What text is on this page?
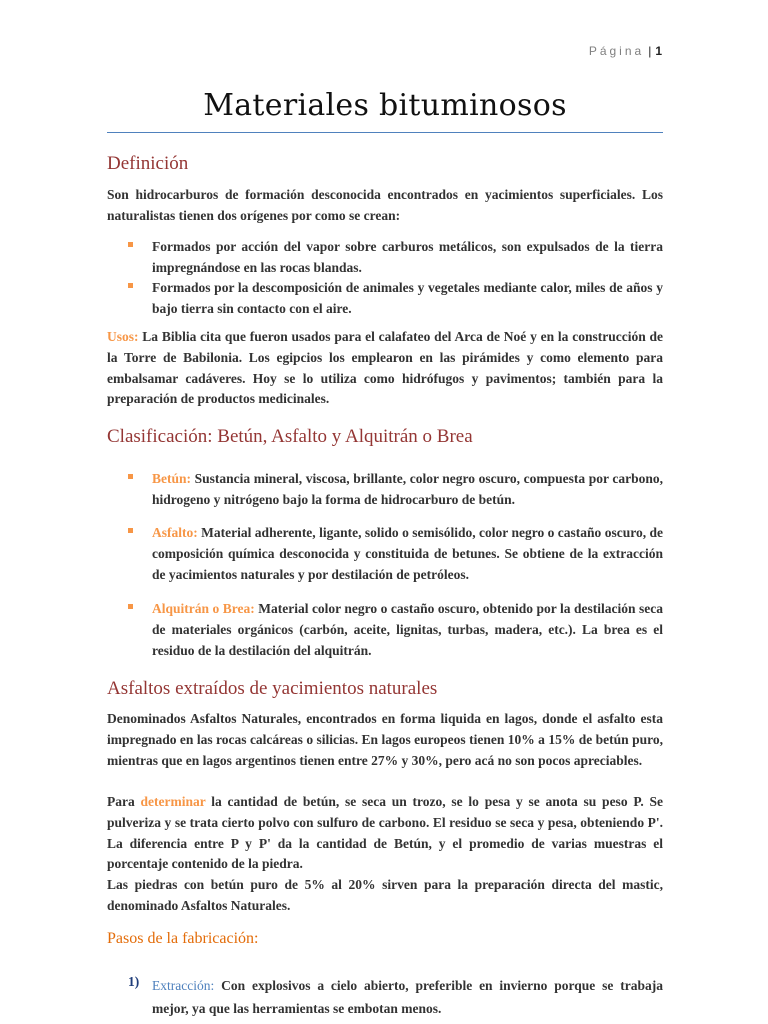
Página | 1
Materiales bituminosos
Definición

Son hidrocarburos de formación desconocida encontrados en yacimientos superficiales. Los naturalistas tienen dos orígenes por como se crean:

Formados por acción del vapor sobre carburos metálicos, son expulsados de la tierra impregnándose en las rocas blandas.
Formados por la descomposición de animales y vegetales mediante calor, miles de años y bajo tierra sin contacto con el aire.

Usos: La Biblia cita que fueron usados para el calafateo del Arca de Noé y en la construcción de la Torre de Babilonia. Los egipcios los emplearon en las pirámides y como elemento para embalsamar cadáveres. Hoy se lo utiliza como hidrófugos y pavimentos; también para la preparación de productos medicinales.

Clasificación: Betún, Asfalto y Alquitrán o Brea
Betún: Sustancia mineral, viscosa, brillante, color negro oscuro, compuesta por carbono, hidrogeno y nitrógeno bajo la forma de hidrocarburo de betún.
Asfalto: Material adherente, ligante, solido o semisólido, color negro o castaño oscuro, de composición química desconocida y constituida de betunes. Se obtiene de la extracción de yacimientos naturales y por destilación de petróleos.
Alquitrán o Brea: Material color negro o castaño oscuro, obtenido por la destilación seca de materiales orgánicos (carbón, aceite, lignitas, turbas, madera, etc.). La brea es el residuo de la destilación del alquitrán.
Asfaltos extraídos de yacimientos naturales

Denominados Asfaltos Naturales, encontrados en forma liquida en lagos, donde el asfalto esta impregnado en las rocas calcáreas o silicias. En lagos europeos tienen 10% a 15% de betún puro, mientras que en lagos argentinos tienen entre 27% y 30%, pero acá no son pocos apreciables.

Para determinar la cantidad de betún, se seca un trozo, se lo pesa y se anota su peso P. Se pulveriza y se trata cierto polvo con sulfuro de carbono. El residuo se seca y pesa, obteniendo P'. La diferencia entre P y P' da la cantidad de Betún, y el promedio de varias muestras el porcentaje contenido de la piedra.

Las piedras con betún puro de 5% al 20% sirven para la preparación directa del mastic, denominado Asfaltos Naturales.

Pasos de la fabricación:
1) Extracción: Con explosivos a cielo abierto, preferible en invierno porque se trabaja mejor, ya que las herramientas se embotan menos.
